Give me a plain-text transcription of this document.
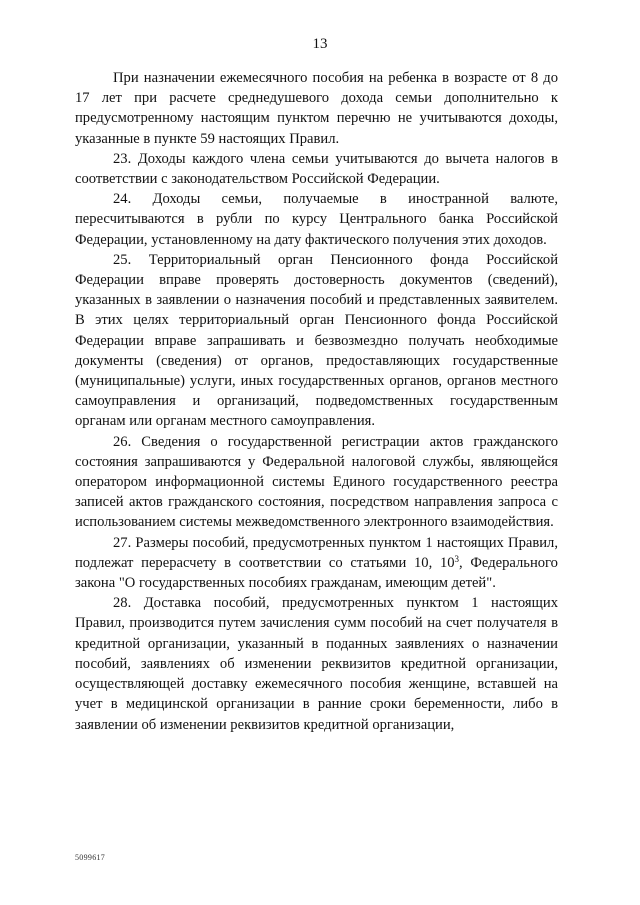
13

При назначении ежемесячного пособия на ребенка в возрасте от 8 до 17 лет при расчете среднедушевого дохода семьи дополнительно к предусмотренному настоящим пунктом перечню не учитываются доходы, указанные в пункте 59 настоящих Правил.

23. Доходы каждого члена семьи учитываются до вычета налогов в соответствии с законодательством Российской Федерации.

24. Доходы семьи, получаемые в иностранной валюте, пересчитываются в рубли по курсу Центрального банка Российской Федерации, установленному на дату фактического получения этих доходов.

25. Территориальный орган Пенсионного фонда Российской Федерации вправе проверять достоверность документов (сведений), указанных в заявлении о назначения пособий и представленных заявителем. В этих целях территориальный орган Пенсионного фонда Российской Федерации вправе запрашивать и безвозмездно получать необходимые документы (сведения) от органов, предоставляющих государственные (муниципальные) услуги, иных государственных органов, органов местного самоуправления и организаций, подведомственных государственным органам или органам местного самоуправления.

26. Сведения о государственной регистрации актов гражданского состояния запрашиваются у Федеральной налоговой службы, являющейся оператором информационной системы Единого государственного реестра записей актов гражданского состояния, посредством направления запроса с использованием системы межведомственного электронного взаимодействия.

27. Размеры пособий, предусмотренных пунктом 1 настоящих Правил, подлежат перерасчету в соответствии со статьями 10, $10^3$, Федерального закона "О государственных пособиях гражданам, имеющим детей".

28. Доставка пособий, предусмотренных пунктом 1 настоящих Правил, производится путем зачисления сумм пособий на счет получателя в кредитной организации, указанный в поданных заявлениях о назначении пособий, заявлениях об изменении реквизитов кредитной организации, осуществляющей доставку ежемесячного пособия женщине, вставшей на учет в медицинской организации в ранние сроки беременности, либо в заявлении об изменении реквизитов кредитной организации,

5099617
